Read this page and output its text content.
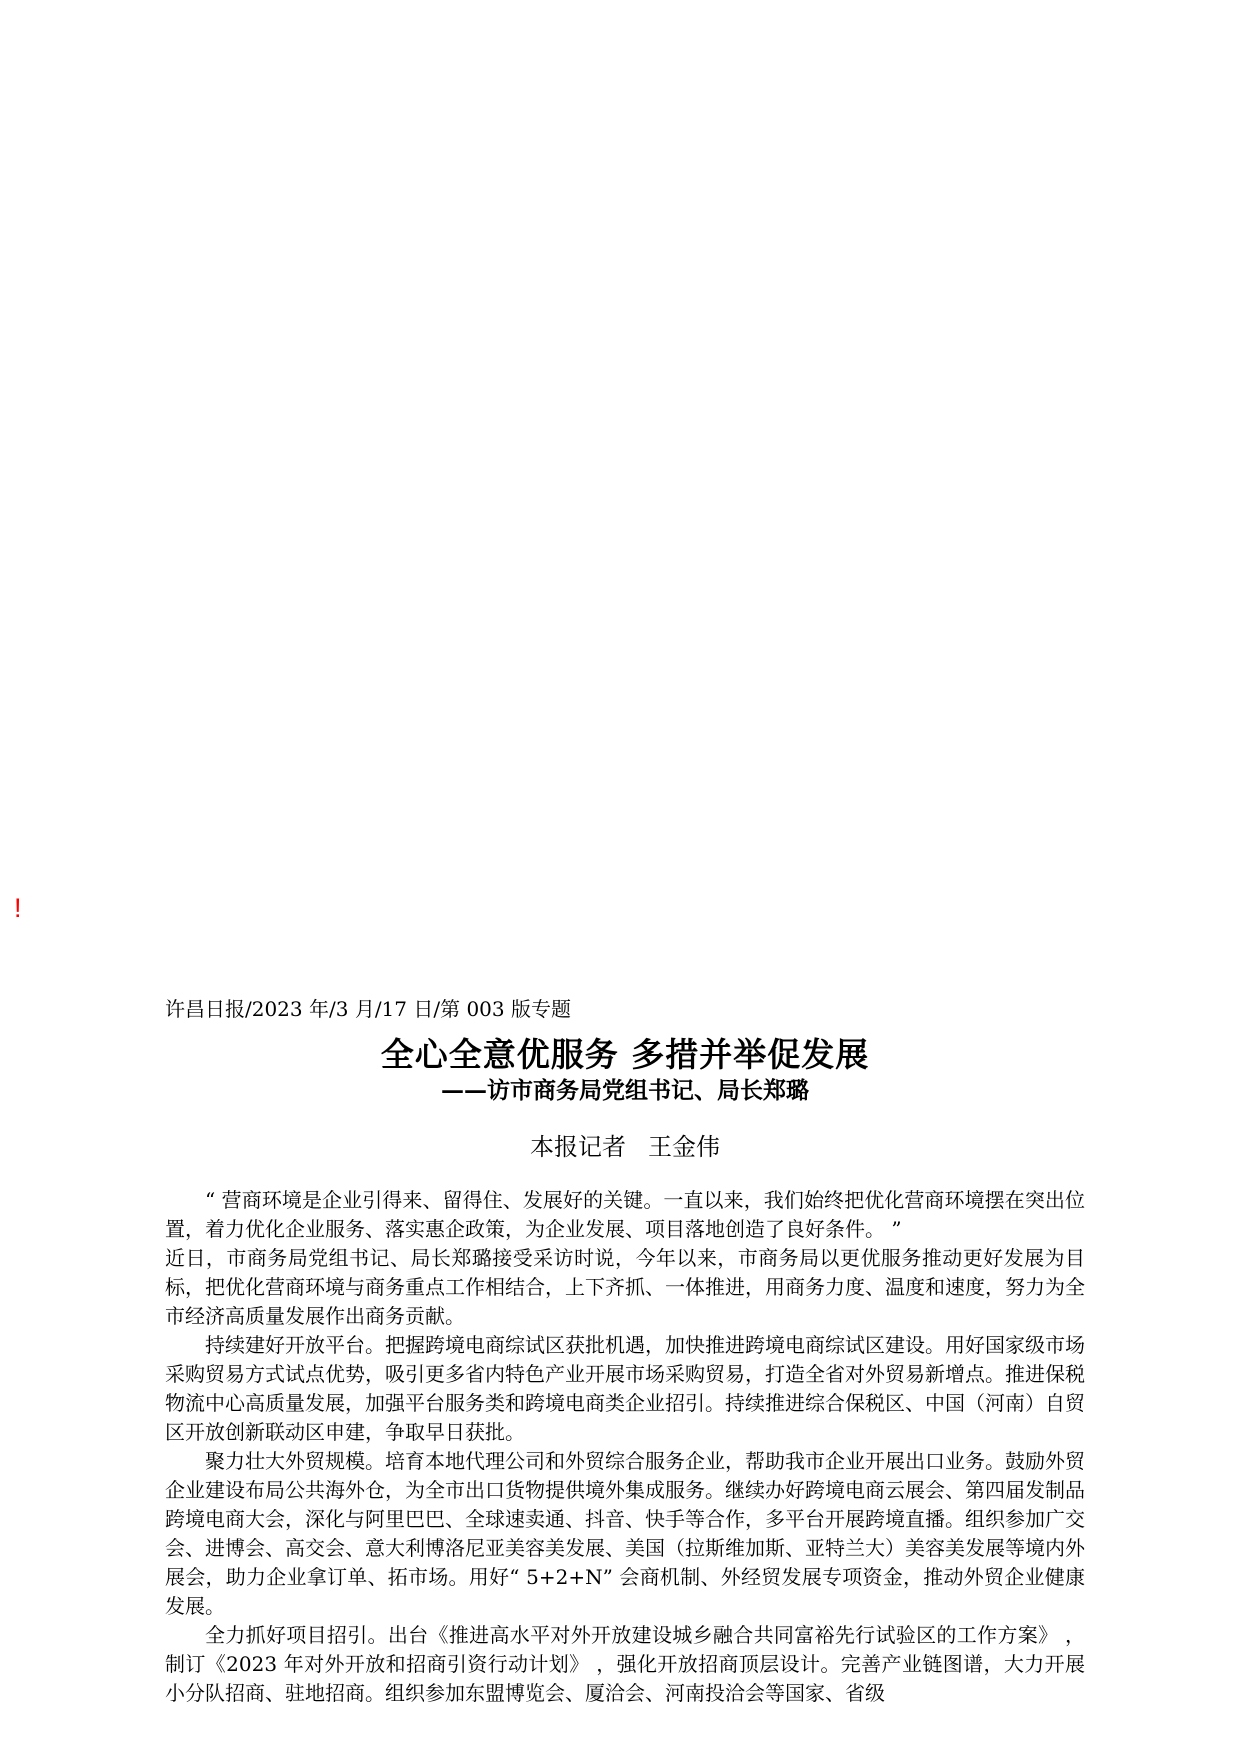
!

许昌日报/2023 年/3 月/17 日/第 003 版专题

全心全意优服务 多措并举促发展
——访市商务局党组书记、局长郑璐

本报记者 王金伟

“ 营商环境是企业引得来、留得住、发展好的关键。一直以来，我们始终把优化营商环境摆在突出位置，着力优化企业服务、落实惠企政策，为企业发展、项目落地创造了良好条件。 ”

近日，市商务局党组书记、局长郑璐接受采访时说，今年以来，市商务局以更优服务推动更好发展为目标，把优化营商环境与商务重点工作相结合，上下齐抓、一体推进，用商务力度、温度和速度，努力为全市经济高质量发展作出商务贡献。

持续建好开放平台。把握跨境电商综试区获批机遇，加快推进跨境电商综试区建设。用好国家级市场采购贸易方式试点优势，吸引更多省内特色产业开展市场采购贸易，打造全省对外贸易新增点。推进保税物流中心高质量发展，加强平台服务类和跨境电商类企业招引。持续推进综合保税区、中国（河南）自贸区开放创新联动区申建，争取早日获批。

聚力壮大外贸规模。培育本地代理公司和外贸综合服务企业，帮助我市企业开展出口业务。鼓励外贸企业建设布局公共海外仓，为全市出口货物提供境外集成服务。继续办好跨境电商云展会、第四届发制品跨境电商大会，深化与阿里巴巴、全球速卖通、抖音、快手等合作，多平台开展跨境直播。组织参加广交会、进博会、高交会、意大利博洛尼亚美容美发展、美国（拉斯维加斯、亚特兰大）美容美发展等境内外展会，助力企业拿订单、拓市场。用好“ 5+2+N” 会商机制、外经贸发展专项资金，推动外贸企业健康发展。

全力抓好项目招引。出台《推进高水平对外开放建设城乡融合共同富裕先行试验区的工作方案》 ，制订《2023 年对外开放和招商引资行动计划》 ，强化开放招商顶层设计。完善产业链图谱，大力开展小分队招商、驻地招商。组织参加东盟博览会、厦洽会、河南投洽会等国家、省级
